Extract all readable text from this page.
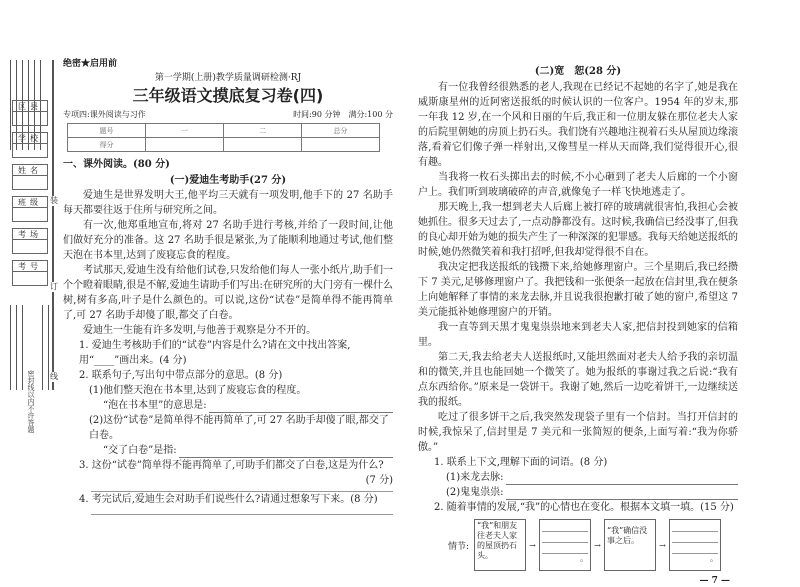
区县
学校
姓名
班级
考场
考号
装
订
线
密封线以内不许答题
绝密★启用前
第一学期(上册)教学质量调研检测·RJ
三年级语文摸底复习卷(四)
专项四:课外阅读与习作	时间:90 分钟　满分:100 分
题号	一	二	总分
得分			
一、课外阅读。(80 分)
(一)爱迪生考助手(27 分)

爱迪生是世界发明大王,他平均三天就有一项发明,他手下的 27 名助手每天都要往返于住所与研究所之间。

有一次,他郑重地宣布,将对 27 名助手进行考核,并给了一段时间,让他们做好充分的准备。这 27 名助手很是紧张,为了能顺利地通过考试,他们整天泡在书本里,达到了废寝忘食的程度。

考试那天,爱迪生没有给他们试卷,只发给他们每人一张小纸片,助手们一个个瞪着眼睛,很是不解,爱迪生请助手们写出:在研究所的大门旁有一棵什么树,树有多高,叶子是什么颜色的。可以说,这份“试卷”是简单得不能再简单了,可 27 名助手却傻了眼,都交了白卷。

爱迪生一生能有许多发明,与他善于观察是分不开的。

1. 爱迪生考核助手们的“试卷”内容是什么?请在文中找出答案,用“____”画出来。(4 分)
2. 联系句子,写出句中带点部分的意思。(8 分)
(1)他们整天泡在书本里,达到了废寝忘食的程度。
“泡在书本里”的意思是:
(2)这份“试卷”是简单得不能再简单了,可 27 名助手却傻了眼,都交了白卷。
“交了白卷”是指:
3. 这份“试卷”简单得不能再简单了,可助手们都交了白卷,这是为什么?
(7 分)
4. 考完试后,爱迪生会对助手们说些什么?请通过想象写下来。(8 分)
(二)宽　恕(28 分)

有一位我曾经很熟悉的老人,我现在已经记不起她的名字了,她是我在威斯康星州的近阿密送报纸的时候认识的一位客户。1954 年的岁末,那一年我 12 岁,在一个风和日丽的午后,我正和一位朋友躲在那位老夫人家的后院里朝她的房顶上扔石头。我们饶有兴趣地注视着石头从屋顶边缘滚落,看着它们像子弹一样射出,又像彗星一样从天而降,我们觉得很开心,很有趣。

当我将一枚石头掷出去的时候,不小心砸到了老夫人后廊的一个小窗户上。我们听到玻璃破碎的声音,就像兔子一样飞快地逃走了。

那天晚上,我一想到老夫人后廊上被打碎的玻璃就很害怕,我担心会被她抓住。很多天过去了,一点动静都没有。这时候,我确信已经没事了,但我的良心却开始为她的损失产生了一种深深的犯罪感。我每天给她送报纸的时候,她仍然微笑着和我打招呼,但我却觉得很不自在。

我决定把我送报纸的钱攒下来,给她修理窗户。三个星期后,我已经攒下 7 美元,足够修理窗户了。我把钱和一张便条一起放在信封里,我在便条上向她解释了事情的来龙去脉,并且说我很抱歉打破了她的窗户,希望这 7 美元能抵补她修理窗户的开销。

我一直等到天黑才鬼鬼祟祟地来到老夫人家,把信封投到她家的信箱里。

第二天,我去给老夫人送报纸时,又能坦然面对老夫人给予我的亲切温和的微笑,并且也能回她一个微笑了。她为报纸的事谢过我之后说:“我有点东西给你。”原来是一袋饼干。我谢了她,然后一边吃着饼干,一边继续送我的报纸。

吃过了很多饼干之后,我突然发现袋子里有一个信封。当打开信封的时候,我惊呆了,信封里是 7 美元和一张简短的便条,上面写着:“我为你骄傲。”

1. 联系上下文,理解下面的词语。(8 分)
(1)来龙去脉:
(2)鬼鬼祟祟:
2. 随着事情的发展,“我”的心情也在变化。根据本文填一填。(15 分)
情节:
“我”和朋友往老夫人家的屋顶扔石头。
→
。
→
“我”确信没事之后。	→
。
— 7 —
